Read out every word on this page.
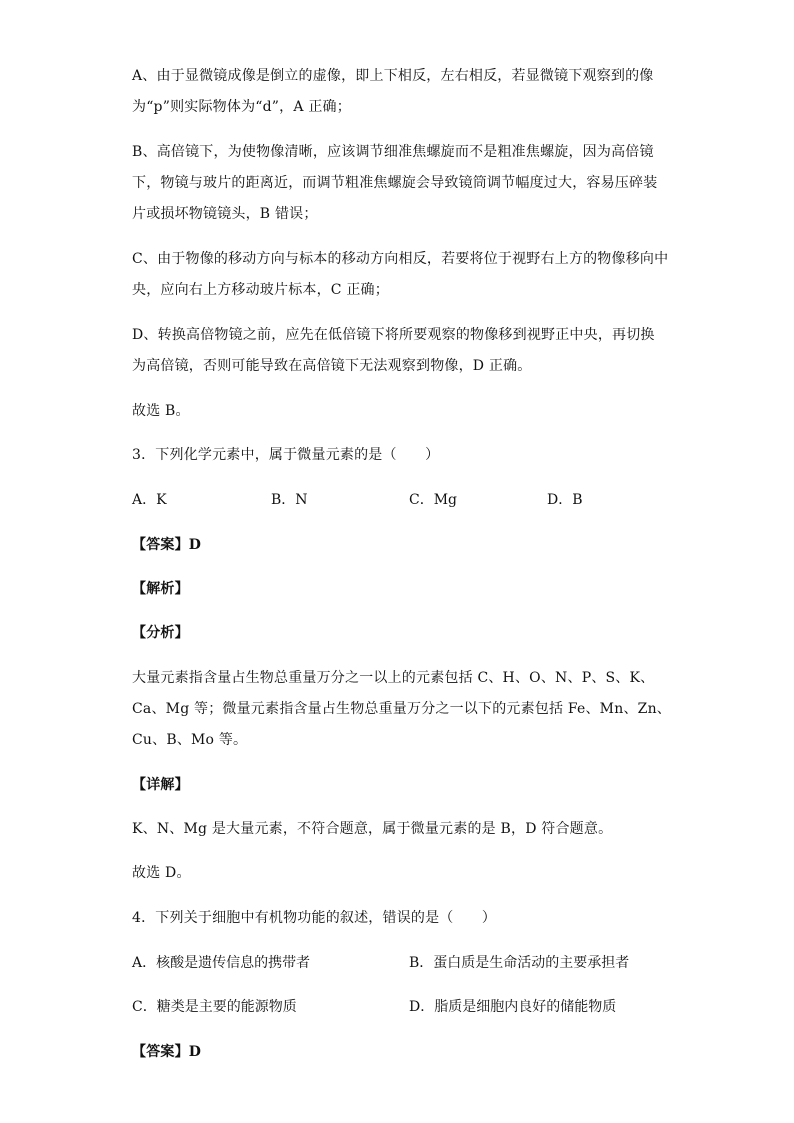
A、由于显微镜成像是倒立的虚像，即上下相反，左右相反，若显微镜下观察到的像
为“p”则实际物体为“d”，A 正确；
B、高倍镜下，为使物像清晰，应该调节细准焦螺旋而不是粗准焦螺旋，因为高倍镜
下，物镜与玻片的距离近，而调节粗准焦螺旋会导致镜筒调节幅度过大，容易压碎装
片或损坏物镜镜头，B 错误；
C、由于物像的移动方向与标本的移动方向相反，若要将位于视野右上方的物像移向中
央，应向右上方移动玻片标本，C 正确；
D、转换高倍物镜之前，应先在低倍镜下将所要观察的物像移到视野正中央，再切换
为高倍镜，否则可能导致在高倍镜下无法观察到物像，D 正确。
故选 B。
3．下列化学元素中，属于微量元素的是（　　）
A．K	B．N	C．Mg	D．B
【答案】D
【解析】
【分析】
大量元素指含量占生物总重量万分之一以上的元素包括 C、H、O、N、P、S、K、
Ca、Mg 等；微量元素指含量占生物总重量万分之一以下的元素包括 Fe、Mn、Zn、
Cu、B、Mo 等。
【详解】
K、N、Mg 是大量元素，不符合题意，属于微量元素的是 B，D 符合题意。
故选 D。
4．下列关于细胞中有机物功能的叙述，错误的是（　　）
A．核酸是遗传信息的携带者	B．蛋白质是生命活动的主要承担者
C．糖类是主要的能源物质	D．脂质是细胞内良好的储能物质
【答案】D
